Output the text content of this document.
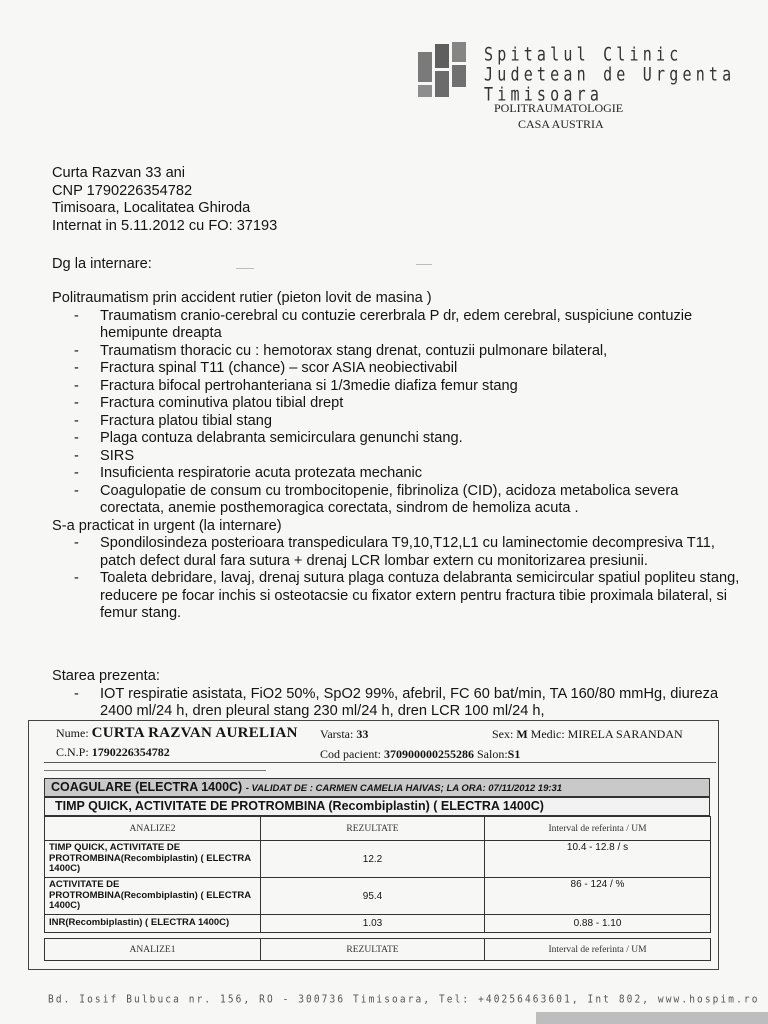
Spitalul Clinic
Judetean de Urgenta
Timisoara
POLITRAUMATOLOGIE
CASA AUSTRIA

Curta Razvan 33 ani

CNP 1790226354782

Timisoara, Localitatea Ghiroda

Internat in 5.11.2012 cu FO: 37193

Dg la internare:

Politraumatism prin accident rutier (pieton lovit de masina )

- Traumatism cranio-cerebral cu contuzie cererbrala P dr, edem cerebral, suspiciune contuzie hemipunte dreapta
- Traumatism thoracic cu : hemotorax stang drenat, contuzii pulmonare bilateral,
- Fractura spinal T11 (chance) – scor ASIA neobiectivabil
- Fractura bifocal pertrohanteriana si 1/3medie diafiza femur stang
- Fractura cominutiva platou tibial drept
- Fractura platou tibial stang
- Plaga contuza delabranta semicirculara genunchi stang.
- SIRS
- Insuficienta respiratorie acuta protezata mechanic
- Coagulopatie de consum cu trombocitopenie, fibrinoliza (CID), acidoza metabolica severa corectata, anemie posthemoragica corectata, sindrom de hemoliza acuta .

S-a practicat in urgent (la internare)

- Spondilosindeza posterioara transpediculara T9,10,T12,L1 cu laminectomie decompresiva T11, patch defect dural fara sutura + drenaj LCR lombar extern cu monitorizarea presiunii.
- Toaleta debridare, lavaj, drenaj sutura plaga contuza delabranta semicircular spatiul popliteu stang, reducere pe focar inchis si osteotacsie cu fixator extern pentru fractura tibie proximala bilateral, si femur stang.

Starea prezenta:

- IOT respiratie asistata, FiO2 50%, SpO2 99%, afebril, FC 60 bat/min, TA 160/80 mmHg, diureza 2400 ml/24 h, dren pleural stang 230 ml/24 h, dren LCR 100 ml/24 h,
Nume: CURTA RAZVAN AURELIAN Varsta: 33	Sex: M Medic: MIRELA SARANDAN
C.N.P: 1790226354782	Cod pacient: 370900000255286 Salon:S1
COAGULARE (ELECTRA 1400C) - VALIDAT DE : CARMEN CAMELIA HAIVAS; LA ORA: 07/11/2012 19:31
TIMP QUICK, ACTIVITATE DE PROTROMBINA (Recombiplastin) ( ELECTRA 1400C)
ANALIZE2	REZULTATE	Interval de referinta / UM
TIMP QUICK, ACTIVITATE DE PROTROMBINA(Recombiplastin) ( ELECTRA 1400C)	12.2	10.4 - 12.8 / s
ACTIVITATE DE PROTROMBINA(Recombiplastin) ( ELECTRA 1400C)	95.4	86 - 124 / %
INR(Recombiplastin) ( ELECTRA 1400C)	1.03	0.88 - 1.10
ANALIZE1	REZULTATE	Interval de referinta / UM
Bd. Iosif Bulbuca nr. 156, RO - 300736 Timisoara, Tel: +40256463601, Int 802, www.hospim.ro
